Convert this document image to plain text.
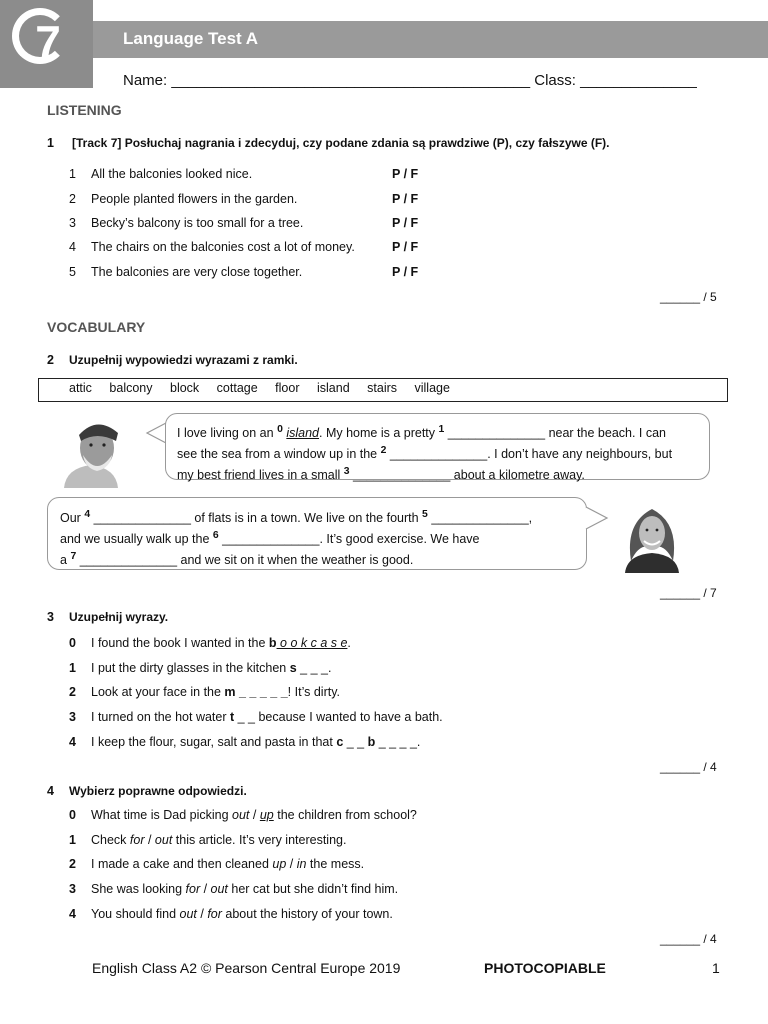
7	Language Test A
Name: ___________________________________________ Class: ______________
LISTENING
1 [Track 7] Posłuchaj nagrania i zdecyduj, czy podane zdania są prawdziwe (P), czy fałszywe (F).
1 All the balconies looked nice.	P / F
2 People planted flowers in the garden.	P / F
3 Becky’s balcony is too small for a tree.	P / F
4 The chairs on the balconies cost a lot of money.	P / F
5 The balconies are very close together.	P / F
______ / 5
VOCABULARY
2 Uzupełnij wypowiedzi wyrazami z ramki.
attic balcony block cottage floor island stairs village

I love living on an $^0$ island. My home is a pretty $^1$ ______________ near the beach. I can

see the sea from a window up in the $^2$ ______________. I don’t have any neighbours, but

my best friend lives in a small $^3$ ______________ about a kilometre away.

Our $^4$ ______________ of flats is in a town. We live on the fourth $^5$ ______________,

and we usually walk up the $^6$ ______________. It’s good exercise. We have

a $^7$ ______________ and we sit on it when the weather is good.

______ / 7
3 Uzupełnij wyrazy.
0 I found the book I wanted in the b o o k c a s e.
1 I put the dirty glasses in the kitchen s _ _ _.
2 Look at your face in the m _ _ _ _ _! It’s dirty.
3 I turned on the hot water t _ _ because I wanted to have a bath.
4 I keep the flour, sugar, salt and pasta in that c _ _ b _ _ _ _.
______ / 4
4 Wybierz poprawne odpowiedzi.
0 What time is Dad picking out / up the children from school?
1 Check for / out this article. It’s very interesting.
2 I made a cake and then cleaned up / in the mess.
3 She was looking for / out her cat but she didn’t find him.
4 You should find out / for about the history of your town.
______ / 4
English Class A2 © Pearson Central Europe 2019	PHOTOCOPIABLE	1
